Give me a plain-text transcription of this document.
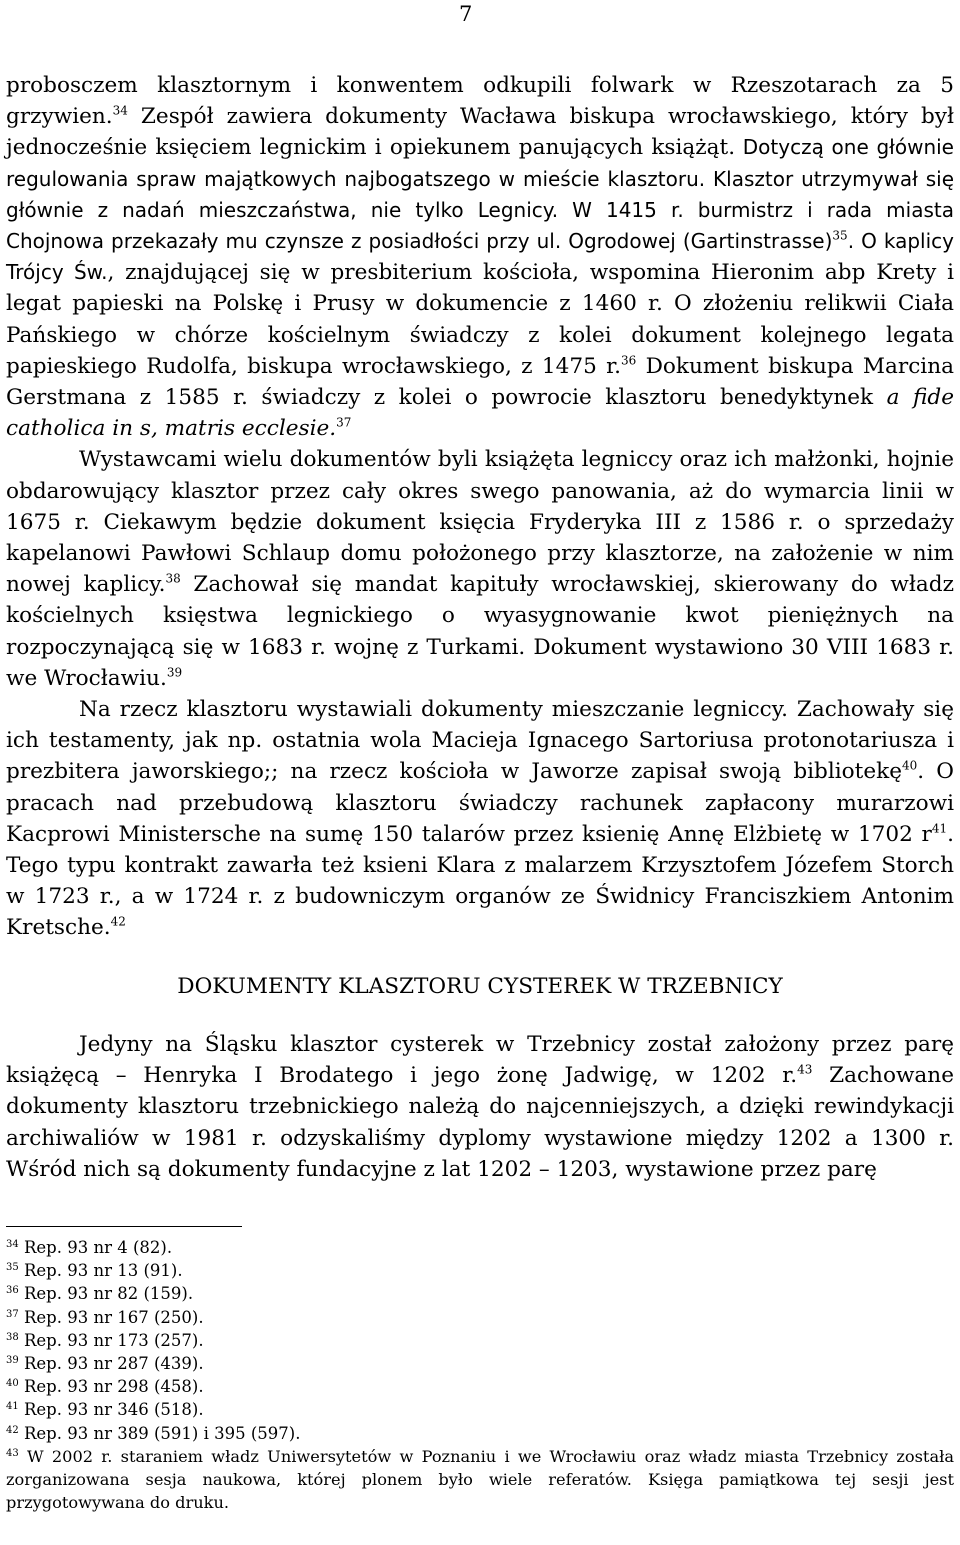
7

probosczem klasztornym i konwentem odkupili folwark w Rzeszotarach za 5 grzywien.$^{34}$ Zespół zawiera dokumenty Wacława biskupa wrocławskiego, który był jednocześnie księciem legnickim i opiekunem panujących książąt. Dotyczą one głównie regulowania spraw majątkowych najbogatszego w mieście klasztoru. Klasztor utrzymywał się głównie z nadań mieszczaństwa, nie tylko Legnicy. W 1415 r. burmistrz i rada miasta Chojnowa przekazały mu czynsze z posiadłości przy ul. Ogrodowej (Gartinstrasse)$^{35}$. O kaplicy Trójcy Św., znajdującej się w presbiterium kościoła, wspomina Hieronim abp Krety i legat papieski na Polskę i Prusy w dokumencie z 1460 r. O złożeniu relikwii Ciała Pańskiego w chórze kościelnym świadczy z kolei dokument kolejnego legata papieskiego Rudolfa, biskupa wrocławskiego, z 1475 r.$^{36}$ Dokument biskupa Marcina Gerstmana z 1585 r. świadczy z kolei o powrocie klasztoru benedyktynek a fide catholica in s, matris ecclesie.$^{37}$

Wystawcami wielu dokumentów byli książęta legniccy oraz ich małżonki, hojnie obdarowujący klasztor przez cały okres swego panowania, aż do wymarcia linii w 1675 r. Ciekawym będzie dokument księcia Fryderyka III z 1586 r. o sprzedaży kapelanowi Pawłowi Schlaup domu położonego przy klasztorze, na założenie w nim nowej kaplicy.$^{38}$ Zachował się mandat kapituły wrocławskiej, skierowany do władz kościelnych księstwa legnickiego o wyasygnowanie kwot pieniężnych na rozpoczynającą się w 1683 r. wojnę z Turkami. Dokument wystawiono 30 VIII 1683 r. we Wrocławiu.$^{39}$

Na rzecz klasztoru wystawiali dokumenty mieszczanie legniccy. Zachowały się ich testamenty, jak np. ostatnia wola Macieja Ignacego Sartoriusa protonotariusza i prezbitera jaworskiego;; na rzecz kościoła w Jaworze zapisał swoją bibliotekę$^{40}$. O pracach nad przebudową klasztoru świadczy rachunek zapłacony murarzowi Kacprowi Ministersche na sumę 150 talarów przez ksienię Annę Elżbietę w 1702 $r^{41}$. Tego typu kontrakt zawarła też ksieni Klara z malarzem Krzysztofem Józefem Storch w 1723 r., a w 1724 r. z budowniczym organów ze Świdnicy Franciszkiem Antonim Kretsche.$^{42}$

DOKUMENTY KLASZTORU CYSTEREK W TRZEBNICY

Jedyny na Śląsku klasztor cysterek w Trzebnicy został założony przez parę książęcą – Henryka I Brodatego i jego żonę Jadwigę, w 1202 r.$^{43}$ Zachowane dokumenty klasztoru trzebnickiego należą do najcenniejszych, a dzięki rewindykacji archiwaliów w 1981 r. odzyskaliśmy dyplomy wystawione między 1202 a 1300 r. Wśród nich są dokumenty fundacyjne z lat 1202 – 1203, wystawione przez parę

$^{34}$ Rep. 93 nr 4 (82).

$^{35}$ Rep. 93 nr 13 (91).

$^{36}$ Rep. 93 nr 82 (159).

$^{37}$ Rep. 93 nr 167 (250).

$^{38}$ Rep. 93 nr 173 (257).

$^{39}$ Rep. 93 nr 287 (439).

$^{40}$ Rep. 93 nr 298 (458).

$^{41}$ Rep. 93 nr 346 (518).

$^{42}$ Rep. 93 nr 389 (591) i 395 (597).

$^{43}$ W 2002 r. staraniem władz Uniwersytetów w Poznaniu i we Wrocławiu oraz władz miasta Trzebnicy została zorganizowana sesja naukowa, której plonem było wiele referatów. Księga pamiątkowa tej sesji jest przygotowywana do druku.
